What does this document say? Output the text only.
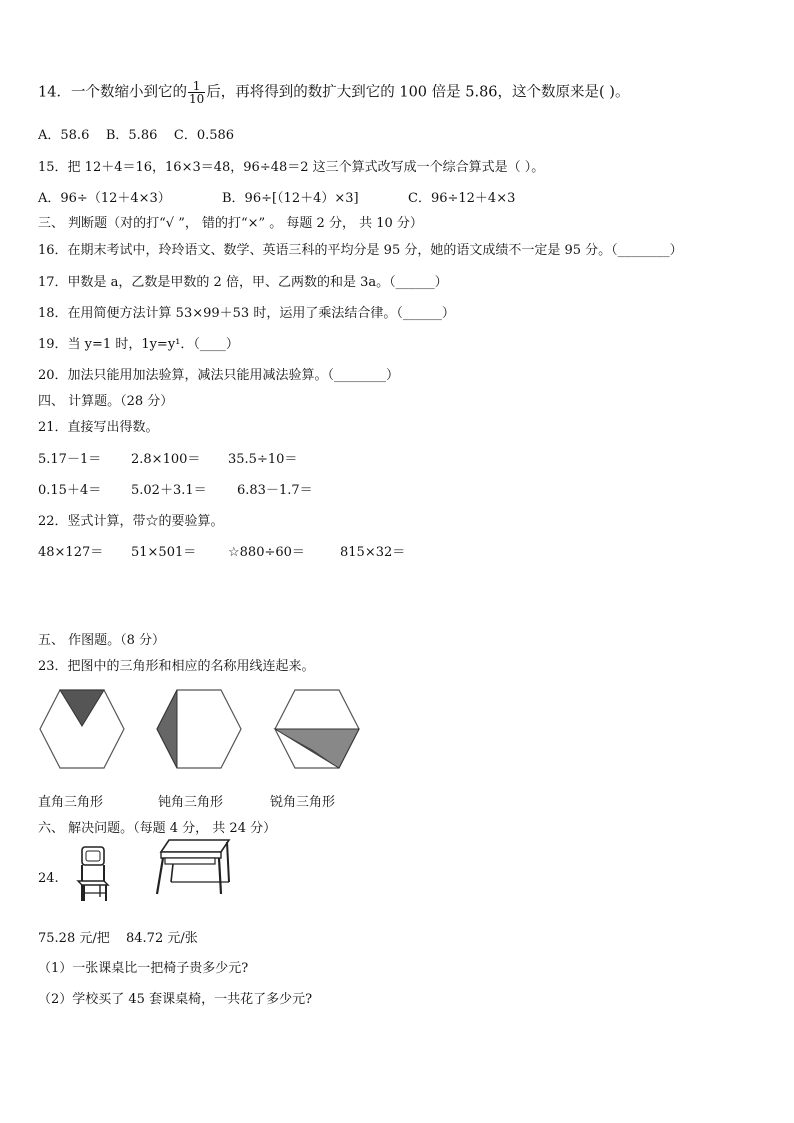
14．一个数缩小到它的 $\frac{1}{10}$ 后，再将得到的数扩大到它的 100 倍是 5.86，这个数原来是( )。
A．58.6    B．5.86    C．0.586
15．把 12＋4＝16，16×3＝48，96÷48＝2 这三个算式改写成一个综合算式是（ ）。
A．96÷（12＋4×3）	B．96÷[（12＋4）×3]	C．96÷12＋4×3
三、 判断题（对的打“√ ”， 错的打“×” 。 每题 2 分， 共 10 分）
16．在期末考试中，玲玲语文、数学、英语三科的平均分是 95 分，她的语文成绩不一定是 95 分。（________）
17．甲数是 a，乙数是甲数的 2 倍，甲、乙两数的和是 3a。（______）
18．在用简便方法计算 53×99＋53 时，运用了乘法结合律。（______）
19．当 y=1 时，1y=y¹．（____）
20．加法只能用加法验算，减法只能用减法验算。（________）
四、 计算题。（28 分）
21．直接写出得数。
5.17－1＝ 2.8×100＝ 35.5÷10＝
0.15＋4＝ 5.02＋3.1＝ 6.83－1.7＝
22．竖式计算，带☆的要验算。
48×127＝ 51×501＝ ☆880÷60＝	815×32＝
五、 作图题。（8 分）
23．把图中的三角形和相应的名称用线连起来。
直角三角形	钝角三角形	锐角三角形
六、 解决问题。（每题 4 分， 共 24 分）
24.
75.28 元/把 84.72 元/张
（1）一张课桌比一把椅子贵多少元?
（2）学校买了 45 套课桌椅，一共花了多少元?
